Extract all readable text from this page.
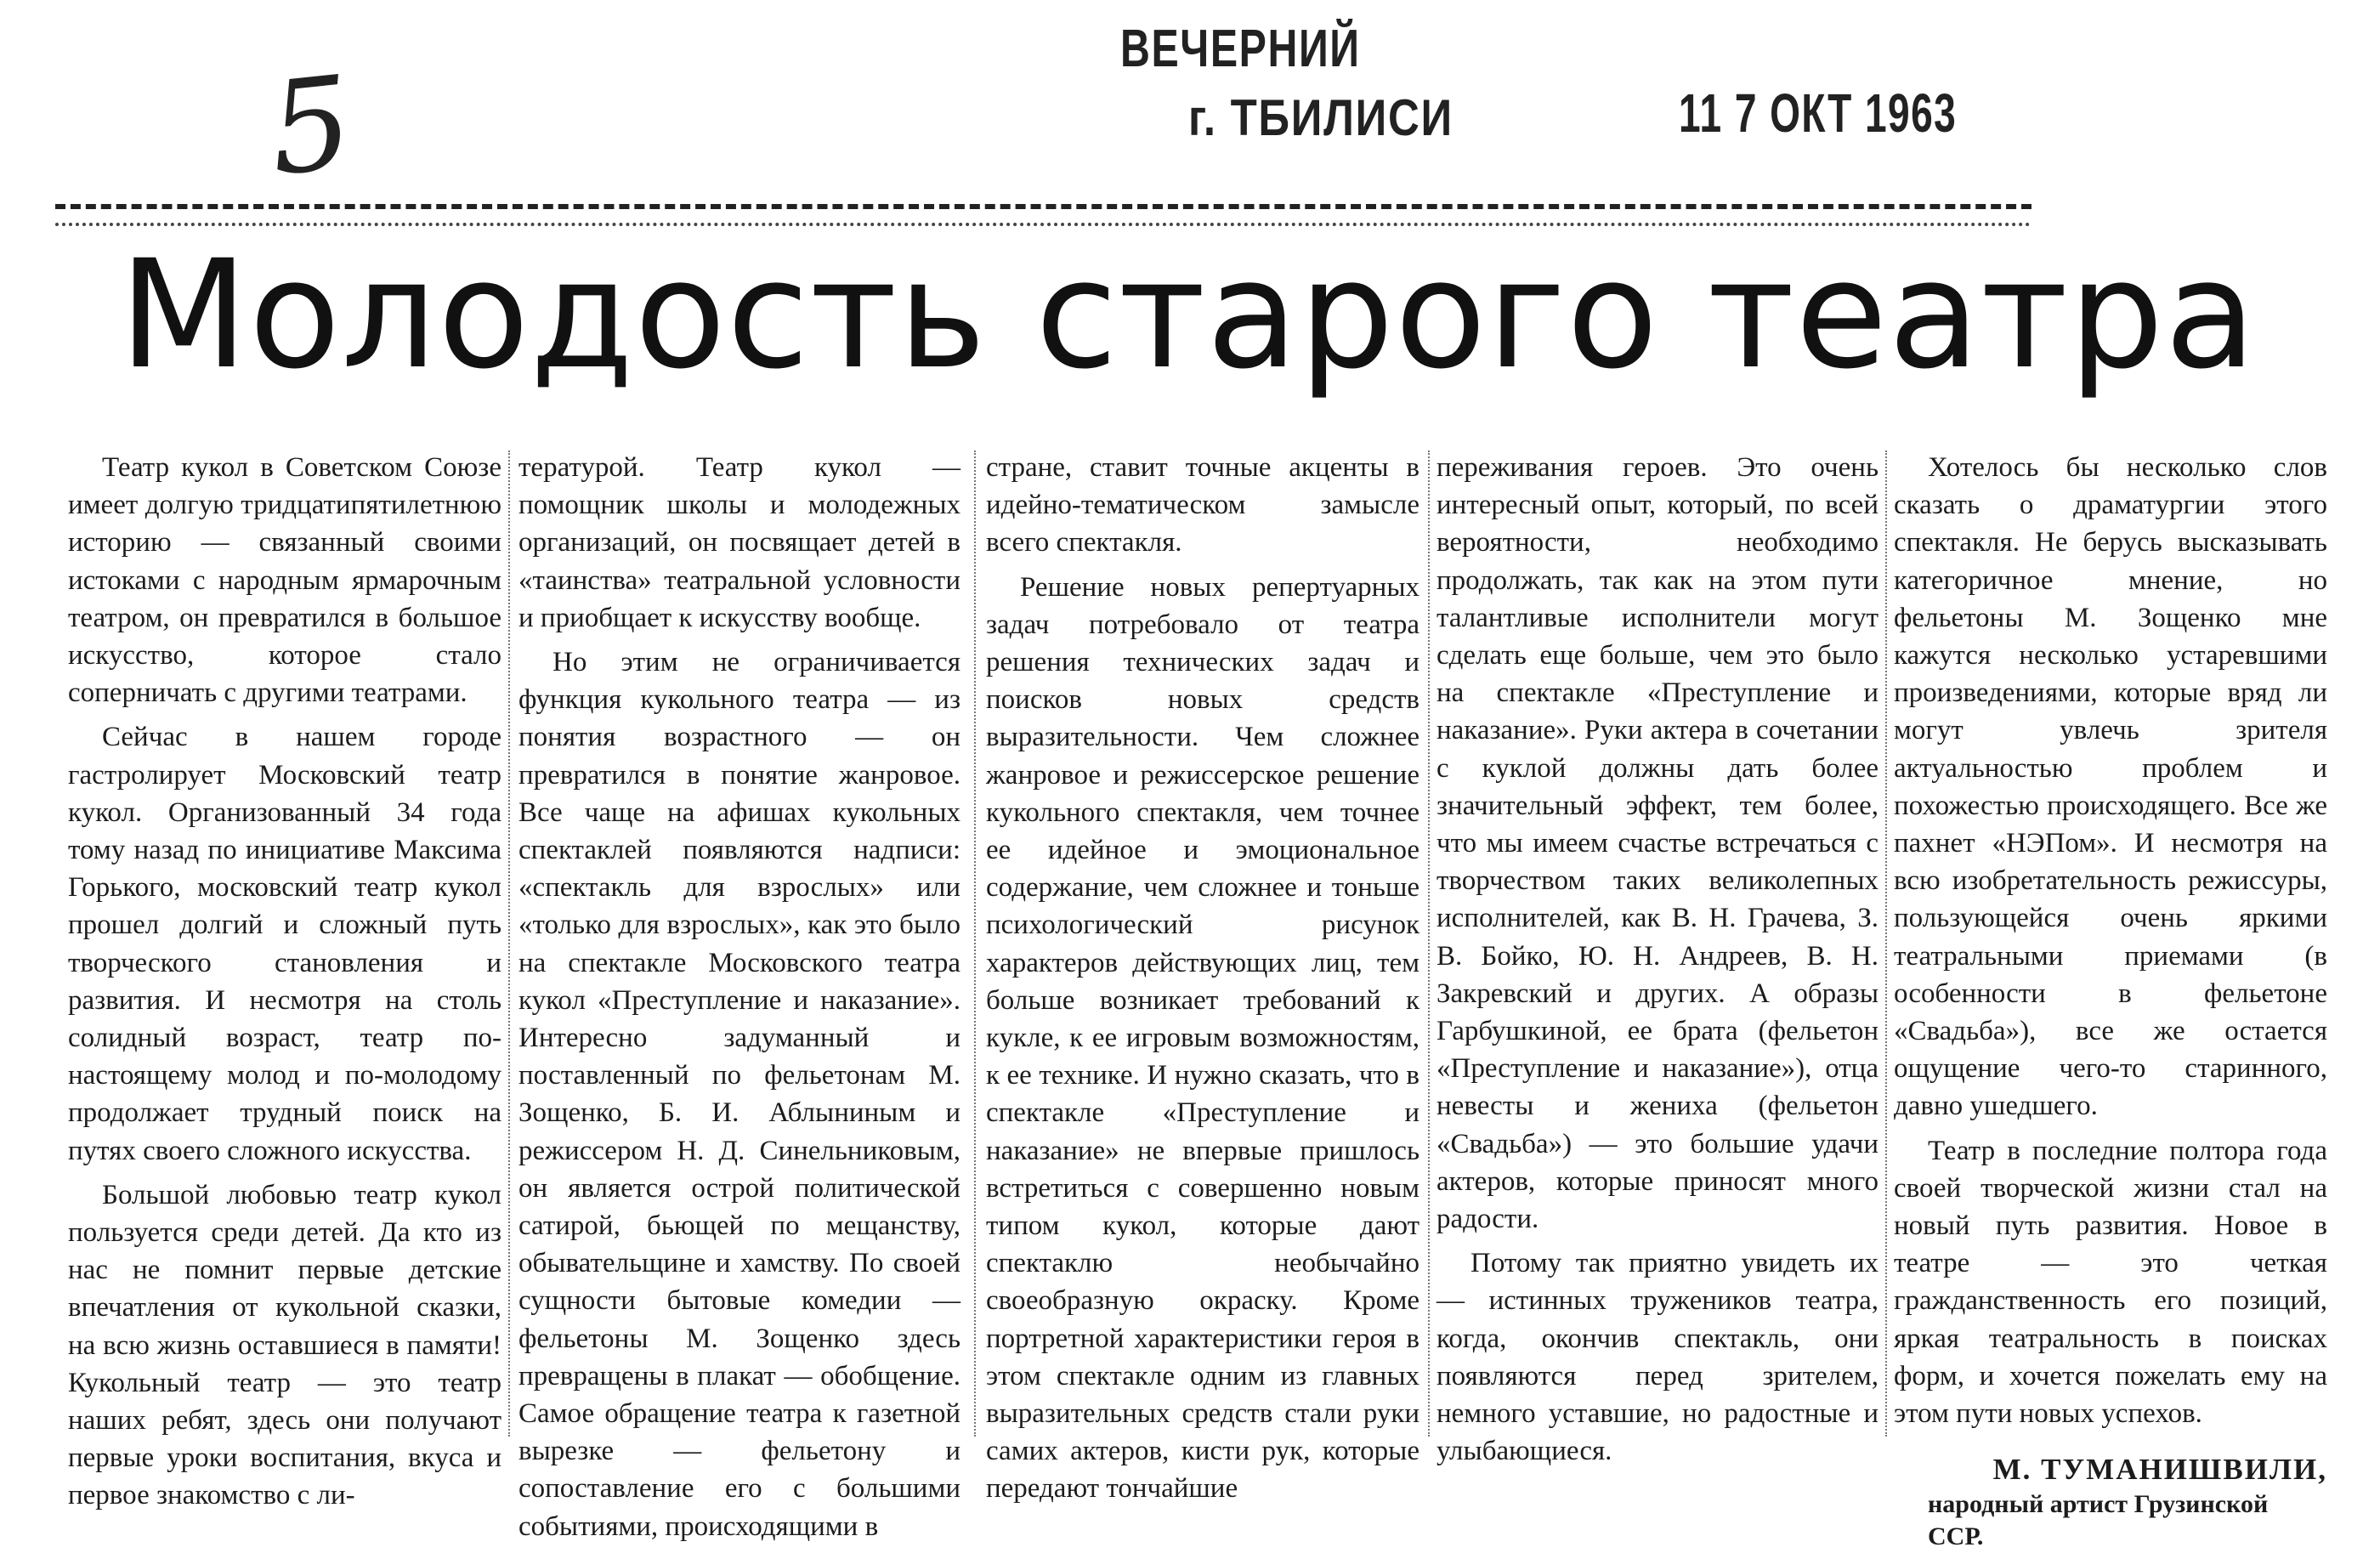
5	ВЕЧЕРНИЙ
г. ТБИЛИСИ	11 7 ОКТ 1963
Молодость старого театра

Театр кукол в Советском Союзе имеет долгую тридцатипятилетнюю историю — связанный своими истоками с народным ярмарочным театром, он превратился в большое искусство, которое стало соперничать с другими театрами.

Сейчас в нашем городе гастролирует Московский театр кукол. Организованный 34 года тому назад по инициативе Максима Горького, московский театр кукол прошел долгий и сложный путь творческого становления и развития. И несмотря на столь солидный возраст, театр по-настоящему молод и по-молодому продолжает трудный поиск на путях своего сложного искусства.

Большой любовью театр кукол пользуется среди детей. Да кто из нас не помнит первые детские впечатления от кукольной сказки, на всю жизнь оставшиеся в памяти! Кукольный театр — это театр наших ребят, здесь они получают первые уроки воспитания, вкуса и первое знакомство с ли-

тературой. Театр кукол — помощник школы и молодежных организаций, он посвящает детей в «таинства» театральной условности и приобщает к искусству вообще.

Но этим не ограничивается функция кукольного театра — из понятия возрастного — он превратился в понятие жанровое. Все чаще на афишах кукольных спектаклей появляются надписи: «спектакль для взрослых» или «только для взрослых», как это было на спектакле Московского театра кукол «Преступление и наказание». Интересно задуманный и поставленный по фельетонам М. Зощенко, Б. И. Аблыниным и режиссером Н. Д. Синельниковым, он является острой политической сатирой, бьющей по мещанству, обывательщине и хамству. По своей сущности бытовые комедии — фельетоны М. Зощенко здесь превращены в плакат — обобщение. Самое обращение театра к газетной вырезке — фельетону и сопоставление его с большими событиями, происходящими в

стране, ставит точные акценты в идейно-тематическом замысле всего спектакля.

Решение новых репертуарных задач потребовало от театра решения технических задач и поисков новых средств выразительности. Чем сложнее жанровое и режиссерское решение кукольного спектакля, чем точнее ее идейное и эмоциональное содержание, чем сложнее и тоньше психологический рисунок характеров действующих лиц, тем больше возникает требований к кукле, к ее игровым возможностям, к ее технике. И нужно сказать, что в спектакле «Преступление и наказание» не впервые пришлось встретиться с совершенно новым типом кукол, которые дают спектаклю необычайно своеобразную окраску. Кроме портретной характеристики героя в этом спектакле одним из главных выразительных средств стали руки самих актеров, кисти рук, которые передают тончайшие

переживания героев. Это очень интересный опыт, который, по всей вероятности, необходимо продолжать, так как на этом пути талантливые исполнители могут сделать еще больше, чем это было на спектакле «Преступление и наказание». Руки актера в сочетании с куклой должны дать более значительный эффект, тем более, что мы имеем счастье встречаться с творчеством таких великолепных исполнителей, как В. Н. Грачева, З. В. Бойко, Ю. Н. Андреев, В. Н. Закревский и других. А образы Гарбушкиной, ее брата (фельетон «Преступление и наказание»), отца невесты и жениха (фельетон «Свадьба») — это большие удачи актеров, которые приносят много радости.

Потому так приятно увидеть их — истинных тружеников театра, когда, окончив спектакль, они появляются перед зрителем, немного уставшие, но радостные и улыбающиеся.

Хотелось бы несколько слов сказать о драматургии этого спектакля. Не берусь высказывать категоричное мнение, но фельетоны М. Зощенко мне кажутся несколько устаревшими произведениями, которые вряд ли могут увлечь зрителя актуальностью проблем и похожестью происходящего. Все же пахнет «НЭПом». И несмотря на всю изобретательность режиссуры, пользующейся очень яркими театральными приемами (в особенности в фельетоне «Свадьба»), все же остается ощущение чего-то старинного, давно ушедшего.

Театр в последние полтора года своей творческой жизни стал на новый путь развития. Новое в театре — это четкая гражданственность его позиций, яркая театральность в поисках форм, и хочется пожелать ему на этом пути новых успехов.

М. ТУМАНИШВИЛИ,
народный артист Грузинской ССР.
